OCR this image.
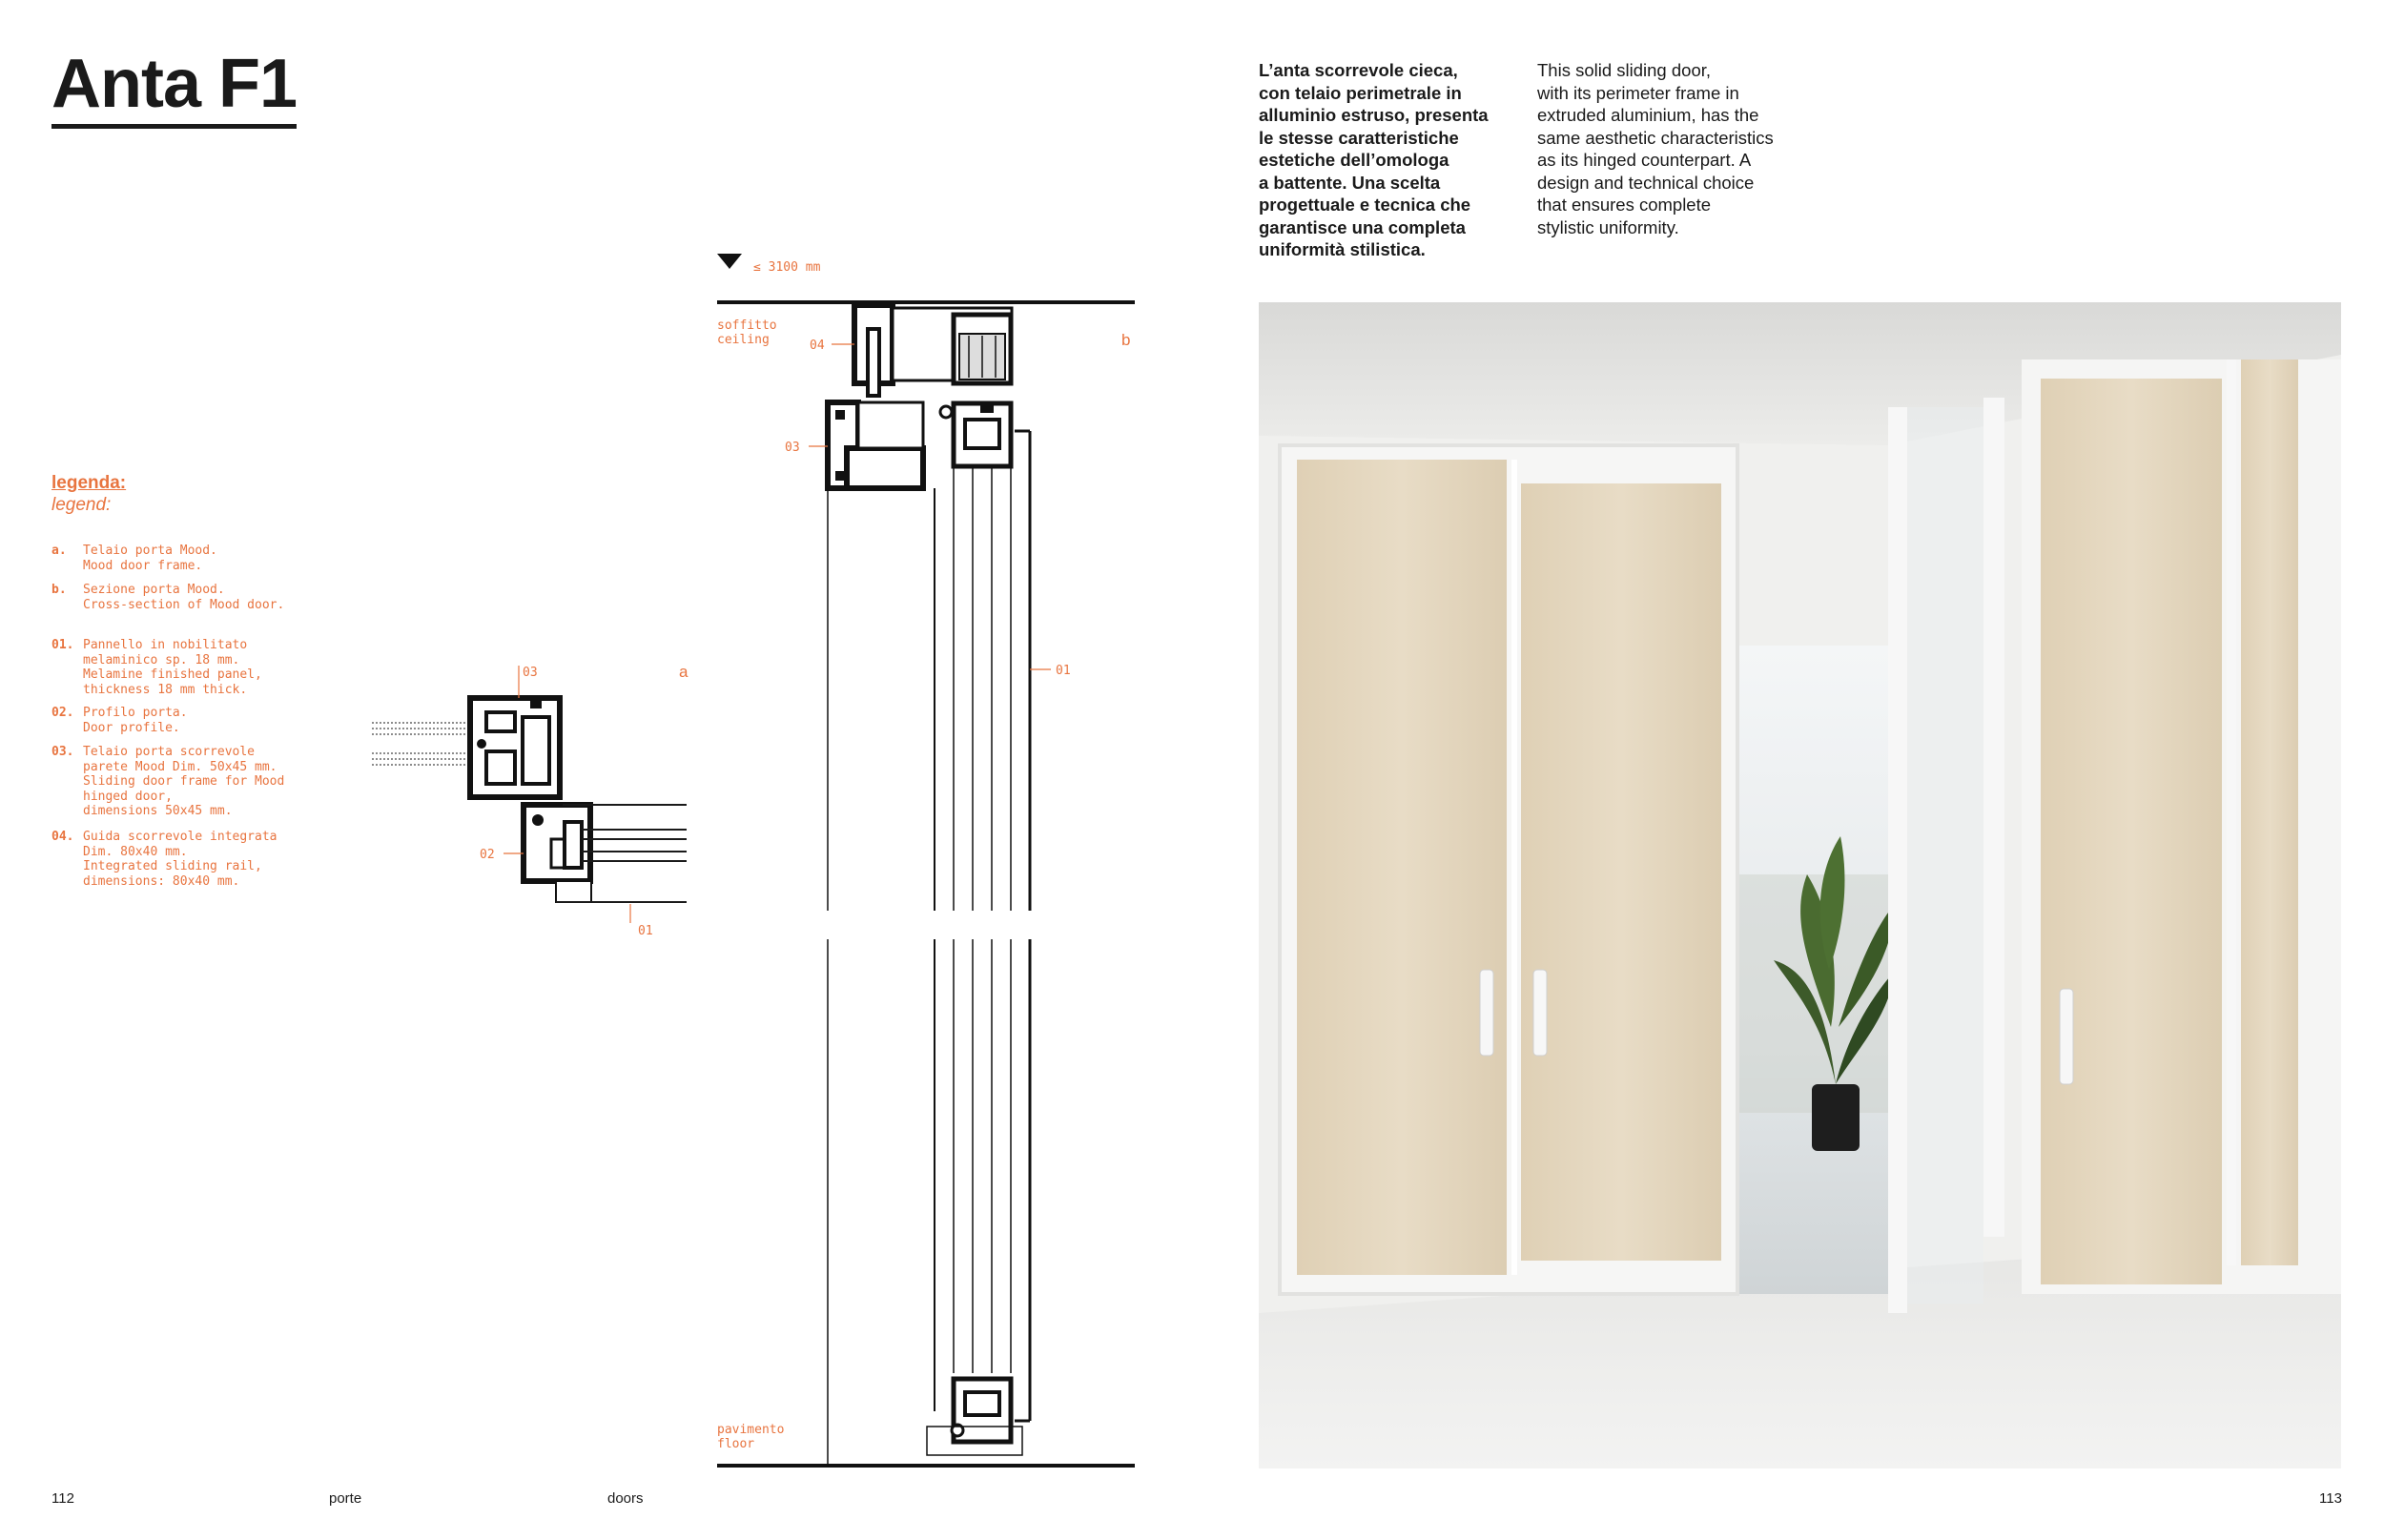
Anta F1
legenda:
legend:
a. Telaio porta Mood.
Mood door frame.
b. Sezione porta Mood.
Cross-section of Mood door.
01. Pannello in nobilitato
melaminico sp. 18 mm.
Melamine finished panel,
thickness 18 mm thick.
02. Profilo porta.
Door profile.
03. Telaio porta scorrevole
parete Mood Dim. 50x45 mm.
Sliding door frame for Mood
hinged door,
dimensions 50x45 mm.
04. Guida scorrevole integrata
Dim. 80x40 mm.
Integrated sliding rail,
dimensions: 80x40 mm.
a
03
02
01
≤ 3100 mm
soffitto
ceiling
pavimento
floor
b
04
03
01
L’anta scorrevole cieca,
con telaio perimetrale in
alluminio estruso, presenta
le stesse caratteristiche
estetiche dell’omologa
a battente. Una scelta
progettuale e tecnica che
garantisce una completa
uniformità stilistica.
This solid sliding door,
with its perimeter frame in
extruded aluminium, has the
same aesthetic characteristics
as its hinged counterpart. A
design and technical choice
that ensures complete
stylistic uniformity.
112	porte	doors	113
